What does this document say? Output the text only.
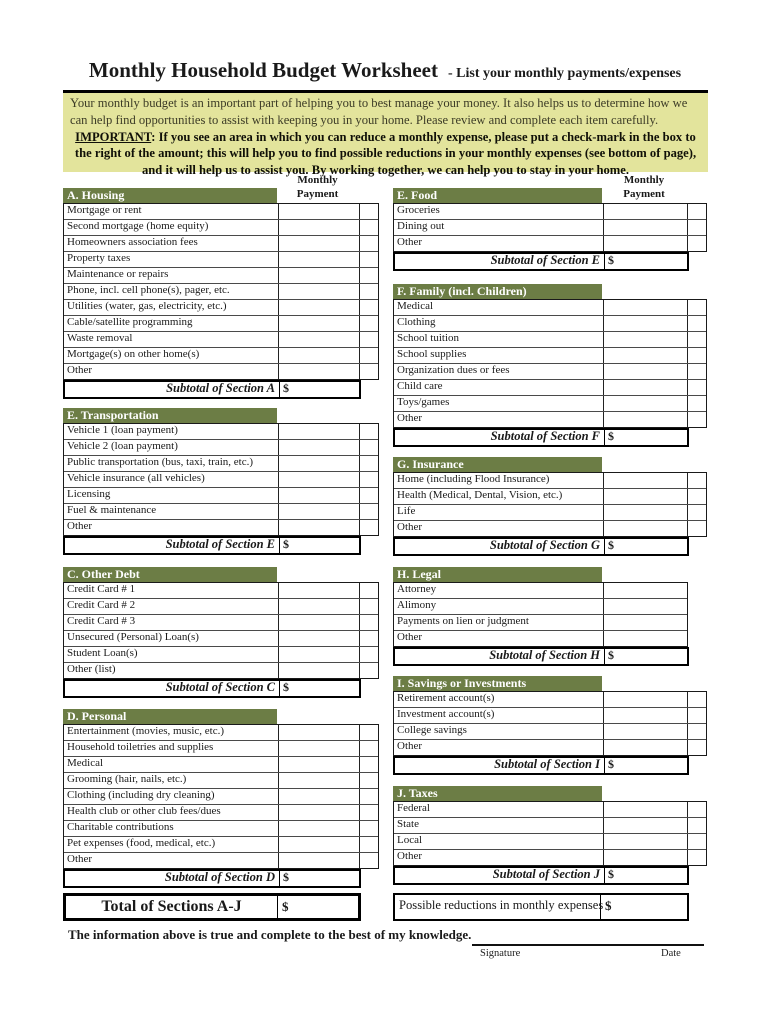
Monthly Household Budget Worksheet - List your monthly payments/expenses
Your monthly budget is an important part of helping you to best manage your money. It also helps us to determine how we can help find opportunities to assist with keeping you in your home. Please review and complete each item carefully.
IMPORTANT: If you see an area in which you can reduce a monthly expense, please put a check-mark in the box to the right of the amount; this will help you to find possible reductions in your monthly expenses (see bottom of page), and it will help us to assist you. By working together, we can help you to stay in your home.
Monthly
Payment
Monthly
Payment
A. Housing
Mortgage or rent
Second mortgage (home equity)
Homeowners association fees
Property taxes
Maintenance or repairs
Phone, incl. cell phone(s), pager, etc.
Utilities (water, gas, electricity, etc.)
Cable/satellite programming
Waste removal
Mortgage(s) on other home(s)
Other
Subtotal of Section A $
E. Transportation
Vehicle 1 (loan payment)
Vehicle 2 (loan payment)
Public transportation (bus, taxi, train, etc.)
Vehicle insurance (all vehicles)
Licensing
Fuel & maintenance
Other
Subtotal of Section E $
C. Other Debt
Credit Card # 1
Credit Card # 2
Credit Card # 3
Unsecured (Personal) Loan(s)
Student Loan(s)
Other (list)
Subtotal of Section C $
D. Personal
Entertainment (movies, music, etc.)
Household toiletries and supplies
Medical
Grooming (hair, nails, etc.)
Clothing (including dry cleaning)
Health club or other club fees/dues
Charitable contributions
Pet expenses (food, medical, etc.)
Other
Subtotal of Section D $
E. Food
Groceries
Dining out
Other
Subtotal of Section E $
F. Family (incl. Children)
Medical
Clothing
School tuition
School supplies
Organization dues or fees
Child care
Toys/games
Other
Subtotal of Section F $
G. Insurance
Home (including Flood Insurance)
Health (Medical, Dental, Vision, etc.)
Life
Other
Subtotal of Section G $
H. Legal
Attorney
Alimony
Payments on lien or judgment
Other
Subtotal of Section H $
I. Savings or Investments
Retirement account(s)
Investment account(s)
College savings
Other
Subtotal of Section I $
J. Taxes
Federal
State
Local
Other
Subtotal of Section J $
Total of Sections A-J	$	Possible reductions in monthly expenses $
The information above is true and complete to the best of my knowledge.
Signature	Date
